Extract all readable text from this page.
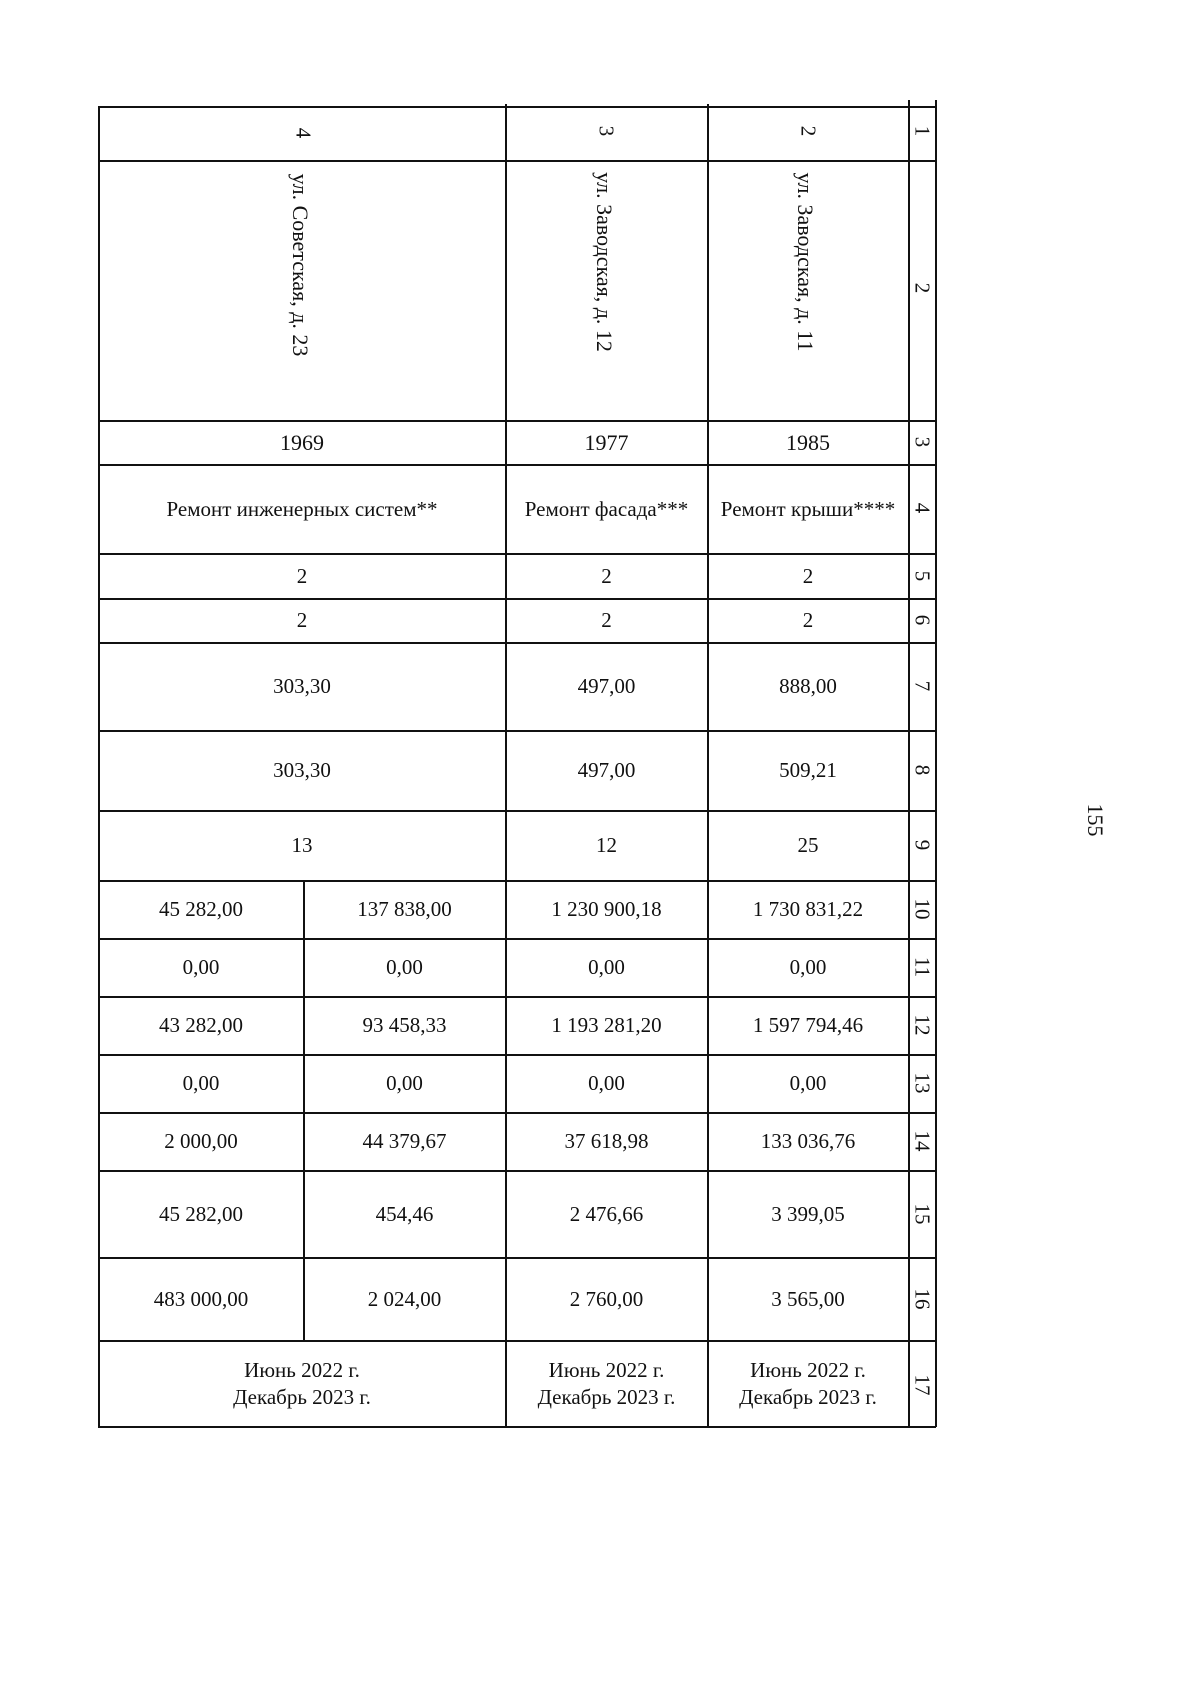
1
2
3
4
5
6
7
8
9
10
11
12
13
14
15
16
17
2
3
4
ул. Заводская, д. 11
ул. Заводская, д. 12
ул. Советская, д. 23
1985
1977
1969
Ремонт крыши****
Ремонт фасада***
Ремонт инженерных систем**
2
2
2
2
2
2
888,00
497,00
303,30
509,21
497,00
303,30
25
12
13
1 730 831,22
1 230 900,18
137 838,00
45 282,00
0,00
0,00
0,00
0,00
1 597 794,46
1 193 281,20
93 458,33
43 282,00
0,00
0,00
0,00
0,00
133 036,76
37 618,98
44 379,67
2 000,00
3 399,05
2 476,66
454,46
45 282,00
3 565,00
2 760,00
2 024,00
483 000,00
Июнь 2022 г.
Декабрь 2023 г.
Июнь 2022 г.
Декабрь 2023 г.
Июнь 2022 г.
Декабрь 2023 г.
155
